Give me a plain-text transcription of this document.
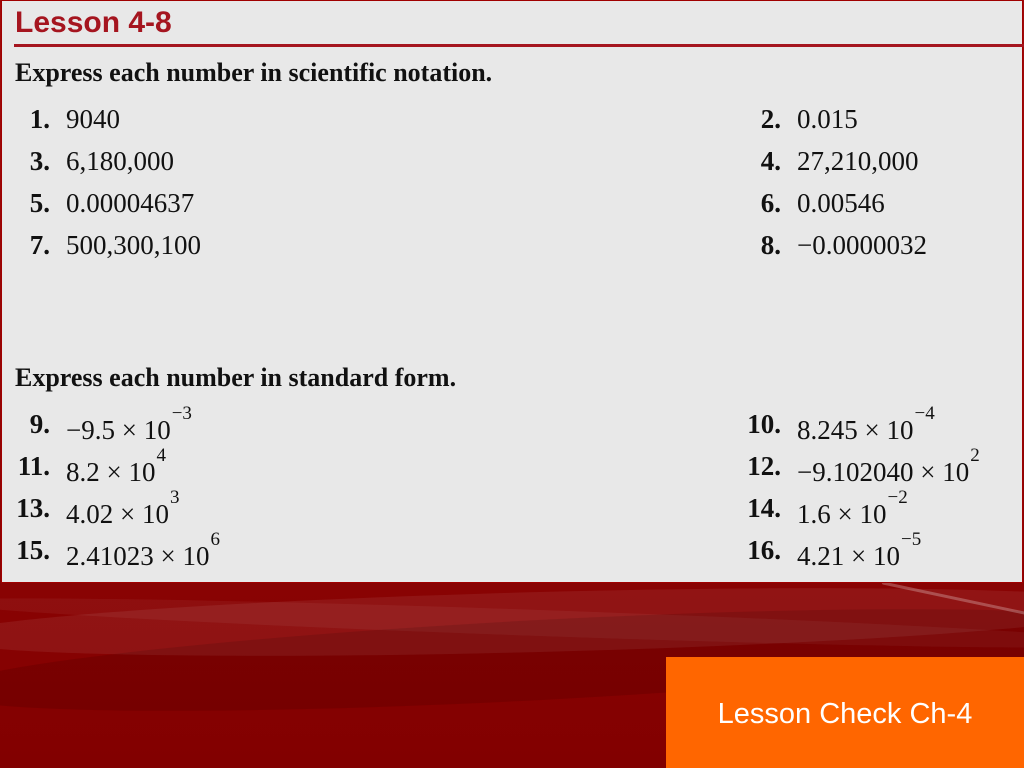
Lesson 4-8

Express each number in scientific notation.

1. 9040	2. 0.015
3. 6,180,000	4. 27,210,000
5. 0.00004637	6. 0.00546
7. 500,300,100	8. −0.0000032

Express each number in standard form.

9. $-9.5 \times 10^{-3}$	10. $8.245 \times 10^{-4}$
11. $8.2 \times 10^4$	12. $-9.102040 \times 10^2$
13. $4.02 \times 10^3$	14. $1.6 \times 10^{-2}$
15. $2.41023 \times 10^6$	16. $4.21 \times 10^{-5}$
Lesson Check Ch-4
